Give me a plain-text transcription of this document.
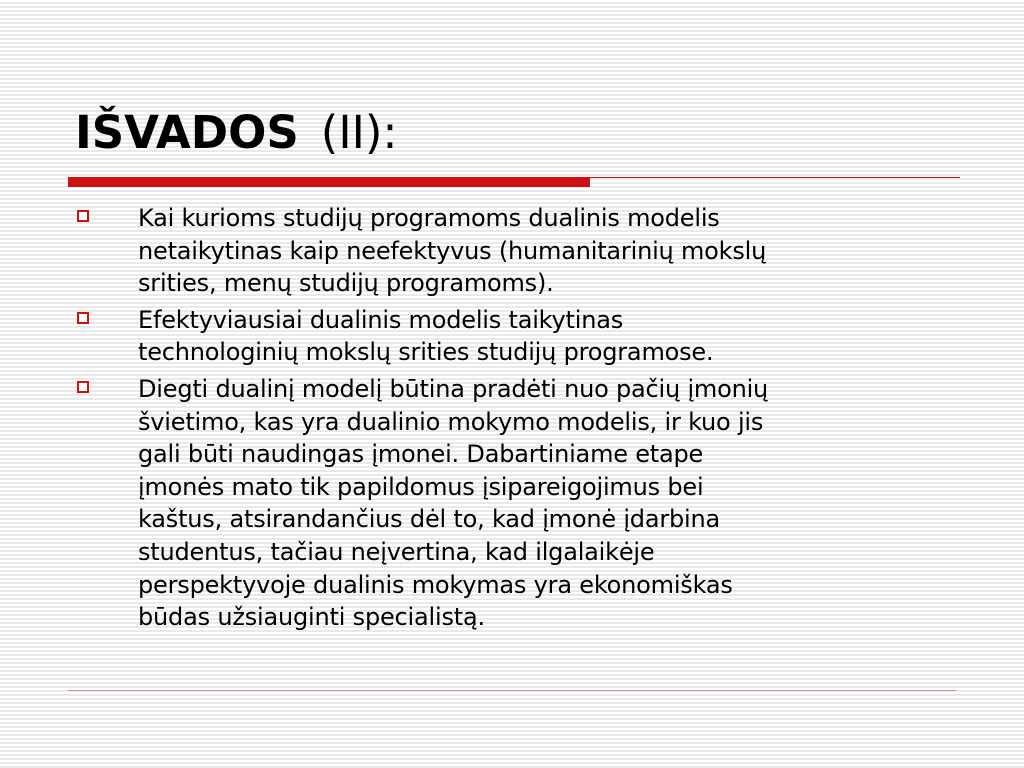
IŠVADOS (II):
Kai kurioms studijų programoms dualinis modelis
netaikytinas kaip neefektyvus (humanitarinių mokslų
srities, menų studijų programoms).
Efektyviausiai dualinis modelis taikytinas
technologinių mokslų srities studijų programose.
Diegti dualinį modelį būtina pradėti nuo pačių įmonių
švietimo, kas yra dualinio mokymo modelis, ir kuo jis
gali būti naudingas įmonei. Dabartiniame etape
įmonės mato tik papildomus įsipareigojimus bei
kaštus, atsirandančius dėl to, kad įmonė įdarbina
studentus, tačiau neįvertina, kad ilgalaikėje
perspektyvoje dualinis mokymas yra ekonomiškas
būdas užsiauginti specialistą.
